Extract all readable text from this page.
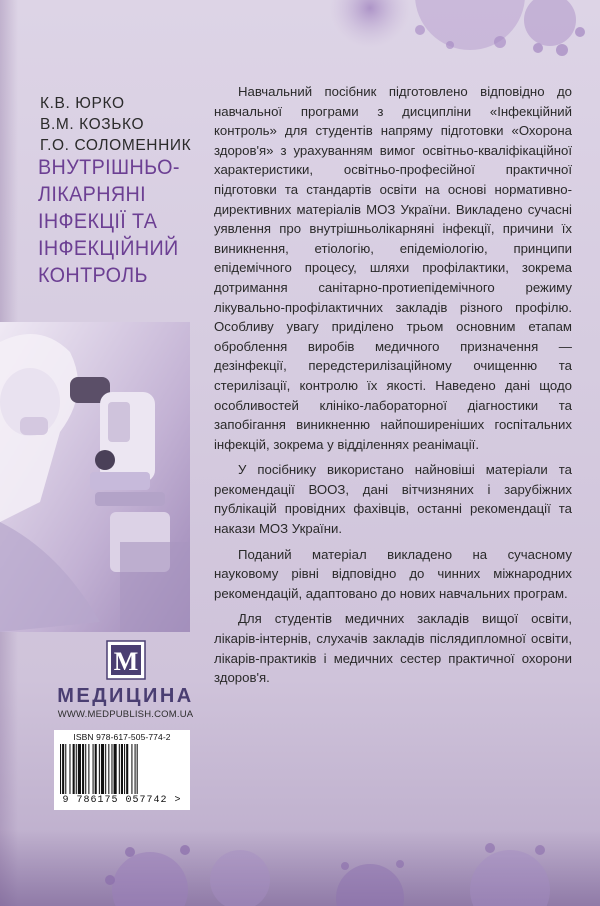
К.В. ЮРКО
В.М. КОЗЬКО
Г.О. СОЛОМЕННИК
ВНУТРІШНЬО-
ЛІКАРНЯНІ
ІНФЕКЦІЇ ТА
ІНФЕКЦІЙНИЙ
КОНТРОЛЬ
M
МЕДИЦИНА
WWW.MEDPUBLISH.COM.UA
ISBN 978-617-505-774-2
9 786175 057742 >

Навчальний посібник підготовлено відповідно до навчальної програми з дисципліни «Інфекційний контроль» для студентів напряму підготовки «Охорона здоров'я» з урахуванням вимог освітньо-кваліфікаційної характеристики, освітньо-професійної практичної підготовки та стандартів освіти на основі нормативно-директивних матеріалів МОЗ України. Викладено сучасні уявлення про внутрішньолікарняні інфекції, причини їх виникнення, етіологію, епідеміологію, принципи епідемічного процесу, шляхи профілактики, зокрема дотримання санітарно-протиепідемічного режиму лікувально-профілактичних закладів різного профілю. Особливу увагу приділено трьом основним етапам оброблення виробів медичного призначення — дезінфекції, передстерилізаційному очищенню та стерилізації, контролю їх якості. Наведено дані щодо особливостей клініко-лабораторної діагностики та запобігання виникненню найпоширеніших госпітальних інфекцій, зокрема у відділеннях реанімації.

У посібнику використано найновіші матеріали та рекомендації ВООЗ, дані вітчизняних і зарубіжних публікацій провідних фахівців, останні рекомендації та накази МОЗ України.

Поданий матеріал викладено на сучасному науковому рівні відповідно до чинних міжнародних рекомендацій, адаптовано до нових навчальних програм.

Для студентів медичних закладів вищої освіти, лікарів-інтернів, слухачів закладів післядипломної освіти, лікарів-практиків і медичних сестер практичної охорони здоров'я.
